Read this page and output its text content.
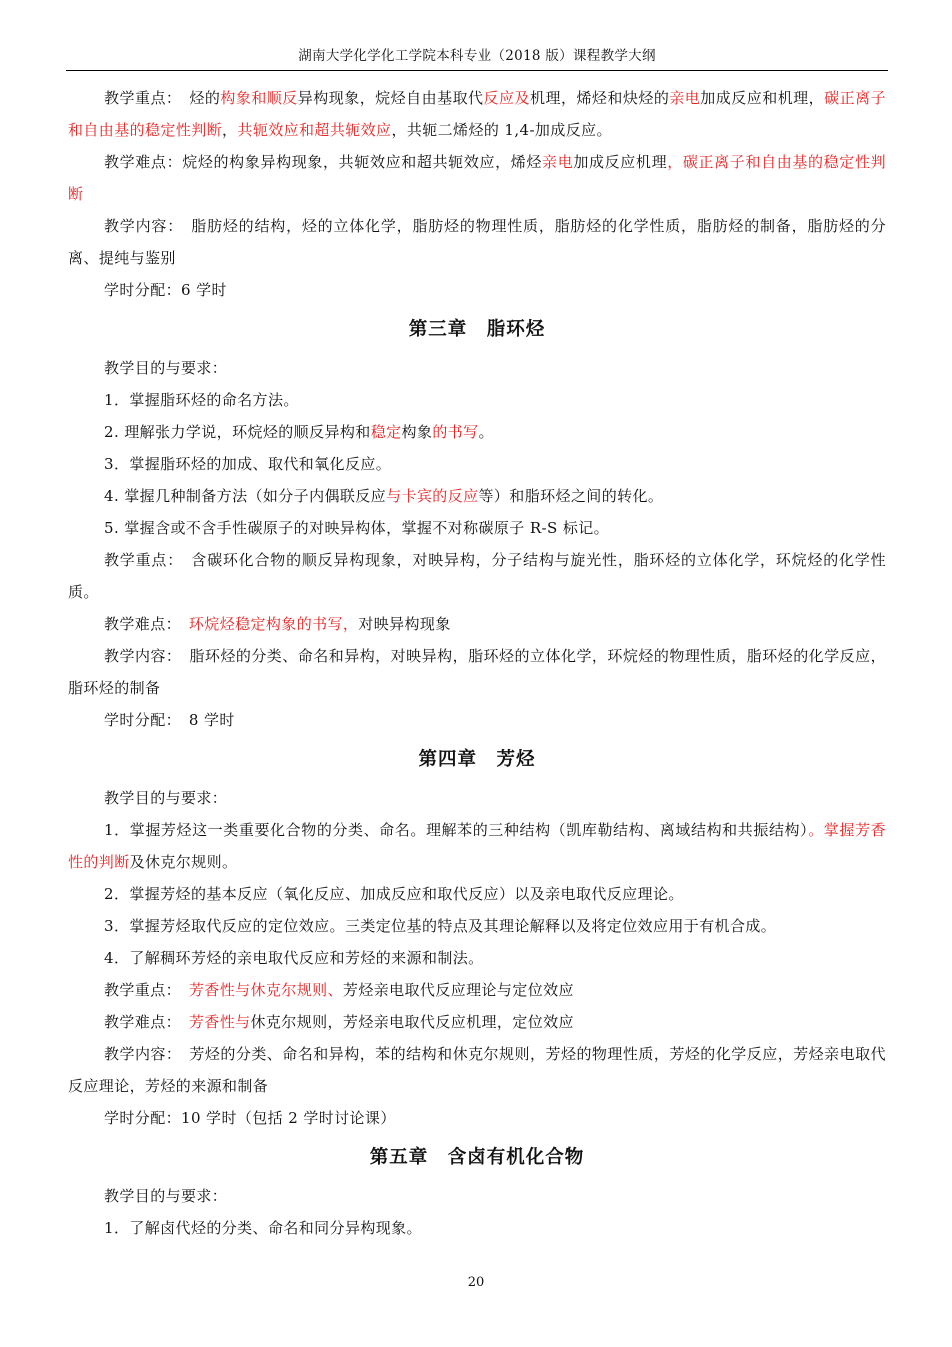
湖南大学化学化工学院本科专业（2018 版）课程教学大纲

教学重点：　烃的构象和顺反异构现象，烷烃自由基取代反应及机理，烯烃和炔烃的亲电加成反应和机理，碳正离子和自由基的稳定性判断，共轭效应和超共轭效应，共轭二烯烃的 1,4-加成反应。

教学难点：烷烃的构象异构现象，共轭效应和超共轭效应，烯烃亲电加成反应机理，碳正离子和自由基的稳定性判断

教学内容：　脂肪烃的结构，烃的立体化学，脂肪烃的物理性质，脂肪烃的化学性质，脂肪烃的制备，脂肪烃的分离、提纯与鉴别

学时分配：6 学时

第三章　脂环烃

教学目的与要求：

1．掌握脂环烃的命名方法。

2. 理解张力学说，环烷烃的顺反异构和稳定构象的书写。

3．掌握脂环烃的加成、取代和氧化反应。

4. 掌握几种制备方法（如分子内偶联反应与卡宾的反应等）和脂环烃之间的转化。

5. 掌握含或不含手性碳原子的对映异构体，掌握不对称碳原子 R-S 标记。

教学重点：　含碳环化合物的顺反异构现象，对映异构，分子结构与旋光性，脂环烃的立体化学，环烷烃的化学性质。

教学难点：　环烷烃稳定构象的书写，对映异构现象

教学内容：　脂环烃的分类、命名和异构，对映异构，脂环烃的立体化学，环烷烃的物理性质，脂环烃的化学反应，脂环烃的制备

学时分配：　8 学时

第四章　芳烃

教学目的与要求：

1．掌握芳烃这一类重要化合物的分类、命名。理解苯的三种结构（凯库勒结构、离域结构和共振结构）。掌握芳香性的判断及休克尔规则。

2．掌握芳烃的基本反应（氧化反应、加成反应和取代反应）以及亲电取代反应理论。

3．掌握芳烃取代反应的定位效应。三类定位基的特点及其理论解释以及将定位效应用于有机合成。

4．了解稠环芳烃的亲电取代反应和芳烃的来源和制法。

教学重点：　芳香性与休克尔规则、芳烃亲电取代反应理论与定位效应

教学难点：　芳香性与休克尔规则，芳烃亲电取代反应机理，定位效应

教学内容：　芳烃的分类、命名和异构，苯的结构和休克尔规则，芳烃的物理性质，芳烃的化学反应，芳烃亲电取代反应理论，芳烃的来源和制备

学时分配：10 学时（包括 2 学时讨论课）

第五章　含卤有机化合物

教学目的与要求：

1．了解卤代烃的分类、命名和同分异构现象。

20
